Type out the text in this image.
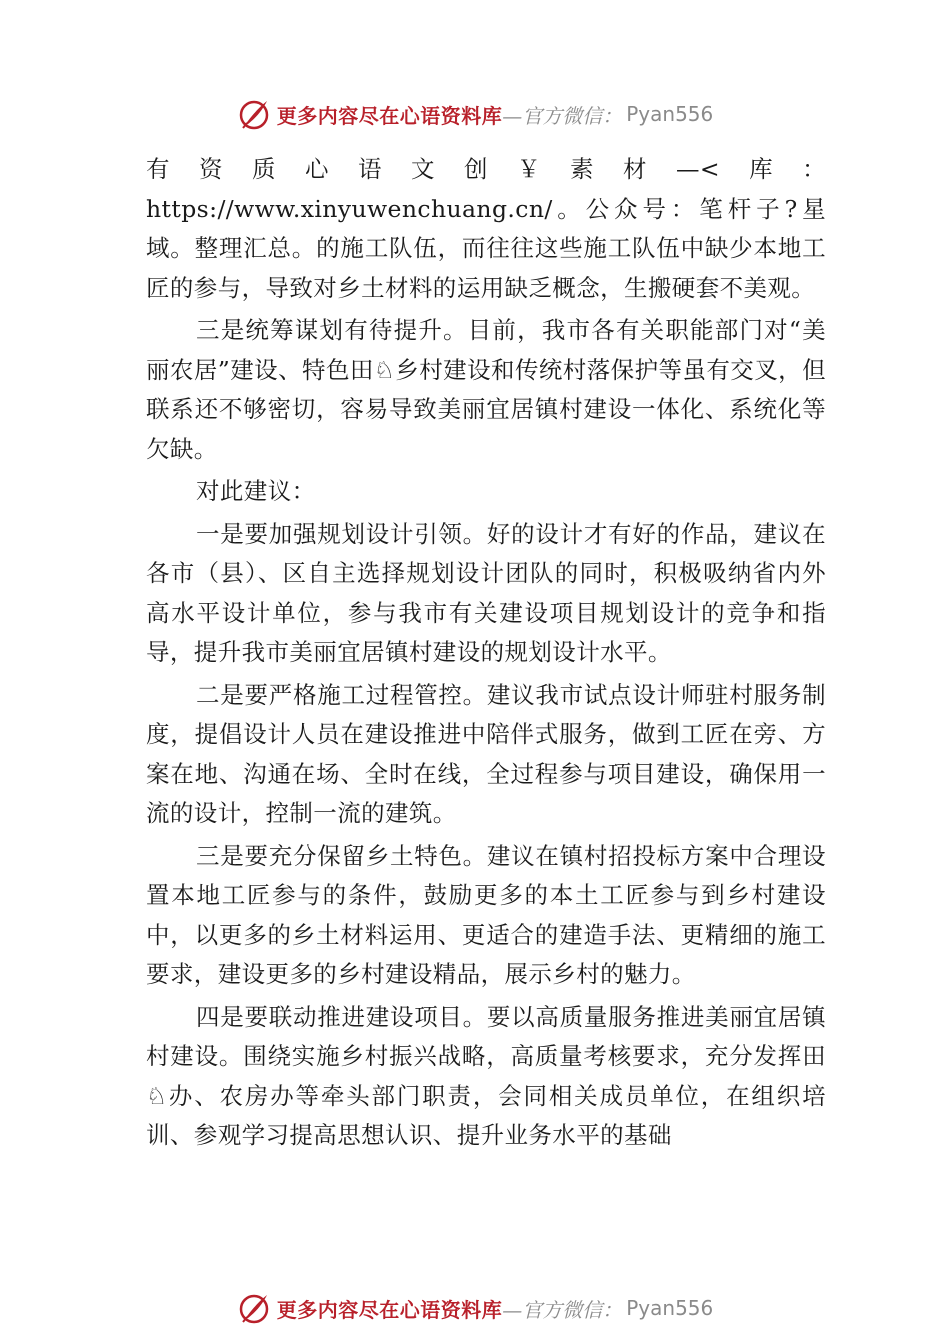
更多内容尽在心语资料库 —官方微信： Pyan556

有资质心语文创￥素材—<库：https://www.xinyuwenchuang.cn/。公众号：笔杆子?星域。整理汇总。的施工队伍，而往往这些施工队伍中缺少本地工匠的参与，导致对乡土材料的运用缺乏概念，生搬硬套不美观。

三是统筹谋划有待提升。目前，我市各有关职能部门对“美丽农居”建设、特色田♘乡村建设和传统村落保护等虽有交叉，但联系还不够密切，容易导致美丽宜居镇村建设一体化、系统化等欠缺。

对此建议：

一是要加强规划设计引领。好的设计才有好的作品，建议在各市（县）、区自主选择规划设计团队的同时，积极吸纳省内外高水平设计单位，参与我市有关建设项目规划设计的竞争和指导，提升我市美丽宜居镇村建设的规划设计水平。

二是要严格施工过程管控。建议我市试点设计师驻村服务制度，提倡设计人员在建设推进中陪伴式服务，做到工匠在旁、方案在地、沟通在场、全时在线，全过程参与项目建设，确保用一流的设计，控制一流的建筑。

三是要充分保留乡土特色。建议在镇村招投标方案中合理设置本地工匠参与的条件，鼓励更多的本土工匠参与到乡村建设中，以更多的乡土材料运用、更适合的建造手法、更精细的施工要求，建设更多的乡村建设精品，展示乡村的魅力。

四是要联动推进建设项目。要以高质量服务推进美丽宜居镇村建设。围绕实施乡村振兴战略，高质量考核要求，充分发挥田♘办、农房办等牵头部门职责，会同相关成员单位，在组织培训、参观学习提高思想认识、提升业务水平的基础

更多内容尽在心语资料库 —官方微信： Pyan556
